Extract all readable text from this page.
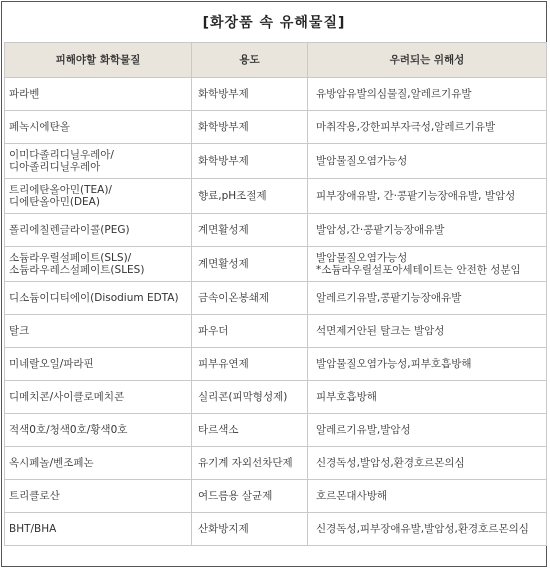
[화장품 속 유해물질]
피해야할 화학물질	용도	우려되는 위해성

파라벤	화학방부제	유방암유발의심물질,알레르기유발

페녹시에탄올	화학방부제	마취작용,강한피부자극성,알레르기유발

이미다졸리디닐우레아/
디아졸리디닐우레아	화학방부제	발암물질오염가능성

트리에탄올아민(TEA)/
디에탄올아민(DEA)	향료,pH조절제	피부장애유발, 간·콩팥기능장애유발, 발암성

폴리에칠렌글라이콜(PEG)	계면활성제	발암성,간·콩팥기능장애유발

소듐라우릴설페이트(SLS)/
소듐라우레스설페이트(SLES)	계면활성제	발암물질오염가능성
*소듐라우릴설포아세테이트는 안전한 성분임

디소듐이디티에이(Disodium EDTA)	금속이온봉쇄제	알레르기유발,콩팥기능장애유발

탈크	파우더	석면제거안된 탈크는 발암성

미네랄오일/파라핀	피부유연제	발암물질오염가능성,피부호흡방해

디메치콘/사이클로메치콘	실리콘(피막형성제)	피부호흡방해

적색0호/청색0호/황색0호	타르색소	알레르기유발,발암성

옥시페놀/벤조페논	유기계 자외선차단제	신경독성,발암성,환경호르몬의심

트리클로산	여드름용 살균제	호르몬대사방해

BHT/BHA	산화방지제	신경독성,피부장애유발,발암성,환경호르몬의심
